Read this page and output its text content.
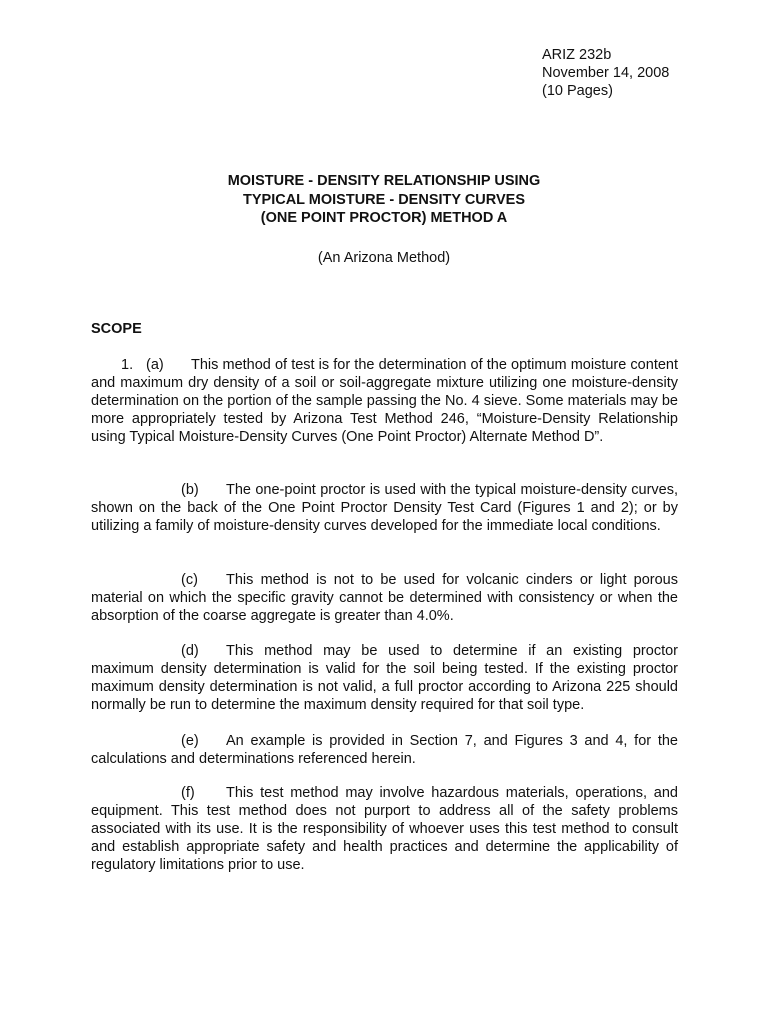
ARIZ 232b
November 14, 2008
(10 Pages)
MOISTURE - DENSITY RELATIONSHIP USING
TYPICAL MOISTURE - DENSITY CURVES
(ONE POINT PROCTOR) METHOD A
(An Arizona Method)
SCOPE
1. (a) This method of test is for the determination of the optimum moisture content and maximum dry density of a soil or soil-aggregate mixture utilizing one moisture-density determination on the portion of the sample passing the No. 4 sieve. Some materials may be more appropriately tested by Arizona Test Method 246, “Moisture-Density Relationship using Typical Moisture-Density Curves (One Point Proctor) Alternate Method D”.
(b) The one-point proctor is used with the typical moisture-density curves, shown on the back of the One Point Proctor Density Test Card (Figures 1 and 2); or by utilizing a family of moisture-density curves developed for the immediate local conditions.
(c) This method is not to be used for volcanic cinders or light porous material on which the specific gravity cannot be determined with consistency or when the absorption of the coarse aggregate is greater than 4.0%.
(d) This method may be used to determine if an existing proctor maximum density determination is valid for the soil being tested. If the existing proctor maximum density determination is not valid, a full proctor according to Arizona 225 should normally be run to determine the maximum density required for that soil type.
(e) An example is provided in Section 7, and Figures 3 and 4, for the calculations and determinations referenced herein.
(f) This test method may involve hazardous materials, operations, and equipment. This test method does not purport to address all of the safety problems associated with its use. It is the responsibility of whoever uses this test method to consult and establish appropriate safety and health practices and determine the applicability of regulatory limitations prior to use.
